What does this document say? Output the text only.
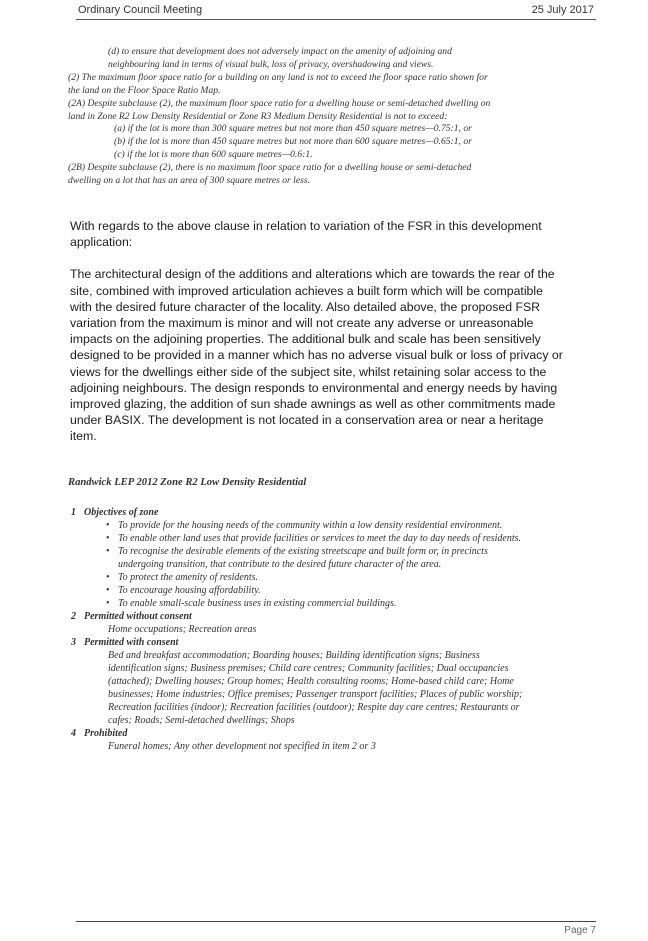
Ordinary Council Meeting	25 July 2017
(d) to ensure that development does not adversely impact on the amenity of adjoining and
neighbouring land in terms of visual bulk, loss of privacy, overshadowing and views.
(2) The maximum floor space ratio for a building on any land is not to exceed the floor space ratio shown for
the land on the Floor Space Ratio Map.
(2A) Despite subclause (2), the maximum floor space ratio for a dwelling house or semi-detached dwelling on
land in Zone R2 Low Density Residential or Zone R3 Medium Density Residential is not to exceed:
(a) if the lot is more than 300 square metres but not more than 450 square metres—0.75:1, or
(b) if the lot is more than 450 square metres but not more than 600 square metres—0.65:1, or
(c) if the lot is more than 600 square metres—0.6:1.
(2B) Despite subclause (2), there is no maximum floor space ratio for a dwelling house or semi-detached
dwelling on a lot that has an area of 300 square metres or less.
With regards to the above clause in relation to variation of the FSR in this development
application:
The architectural design of the additions and alterations which are towards the rear of the
site, combined with improved articulation achieves a built form which will be compatible
with the desired future character of the locality. Also detailed above, the proposed FSR
variation from the maximum is minor and will not create any adverse or unreasonable
impacts on the adjoining properties. The additional bulk and scale has been sensitively
designed to be provided in a manner which has no adverse visual bulk or loss of privacy or
views for the dwellings either side of the subject site, whilst retaining solar access to the
adjoining neighbours. The design responds to environmental and energy needs by having
improved glazing, the addition of sun shade awnings as well as other commitments made
under BASIX. The development is not located in a conservation area or near a heritage
item.
Randwick LEP 2012 Zone R2 Low Density Residential
1 Objectives of zone
• To provide for the housing needs of the community within a low density residential environment.
• To enable other land uses that provide facilities or services to meet the day to day needs of residents.
• To recognise the desirable elements of the existing streetscape and built form or, in precincts
undergoing transition, that contribute to the desired future character of the area.
• To protect the amenity of residents.
• To encourage housing affordability.
• To enable small-scale business uses in existing commercial buildings.
2 Permitted without consent
Home occupations; Recreation areas
3 Permitted with consent
Bed and breakfast accommodation; Boarding houses; Building identification signs; Business
identification signs; Business premises; Child care centres; Community facilities; Dual occupancies
(attached); Dwelling houses; Group homes; Health consulting rooms; Home-based child care; Home
businesses; Home industries; Office premises; Passenger transport facilities; Places of public worship;
Recreation facilities (indoor); Recreation facilities (outdoor); Respite day care centres; Restaurants or
cafes; Roads; Semi-detached dwellings; Shops
4 Prohibited
Funeral homes; Any other development not specified in item 2 or 3
Page 7
